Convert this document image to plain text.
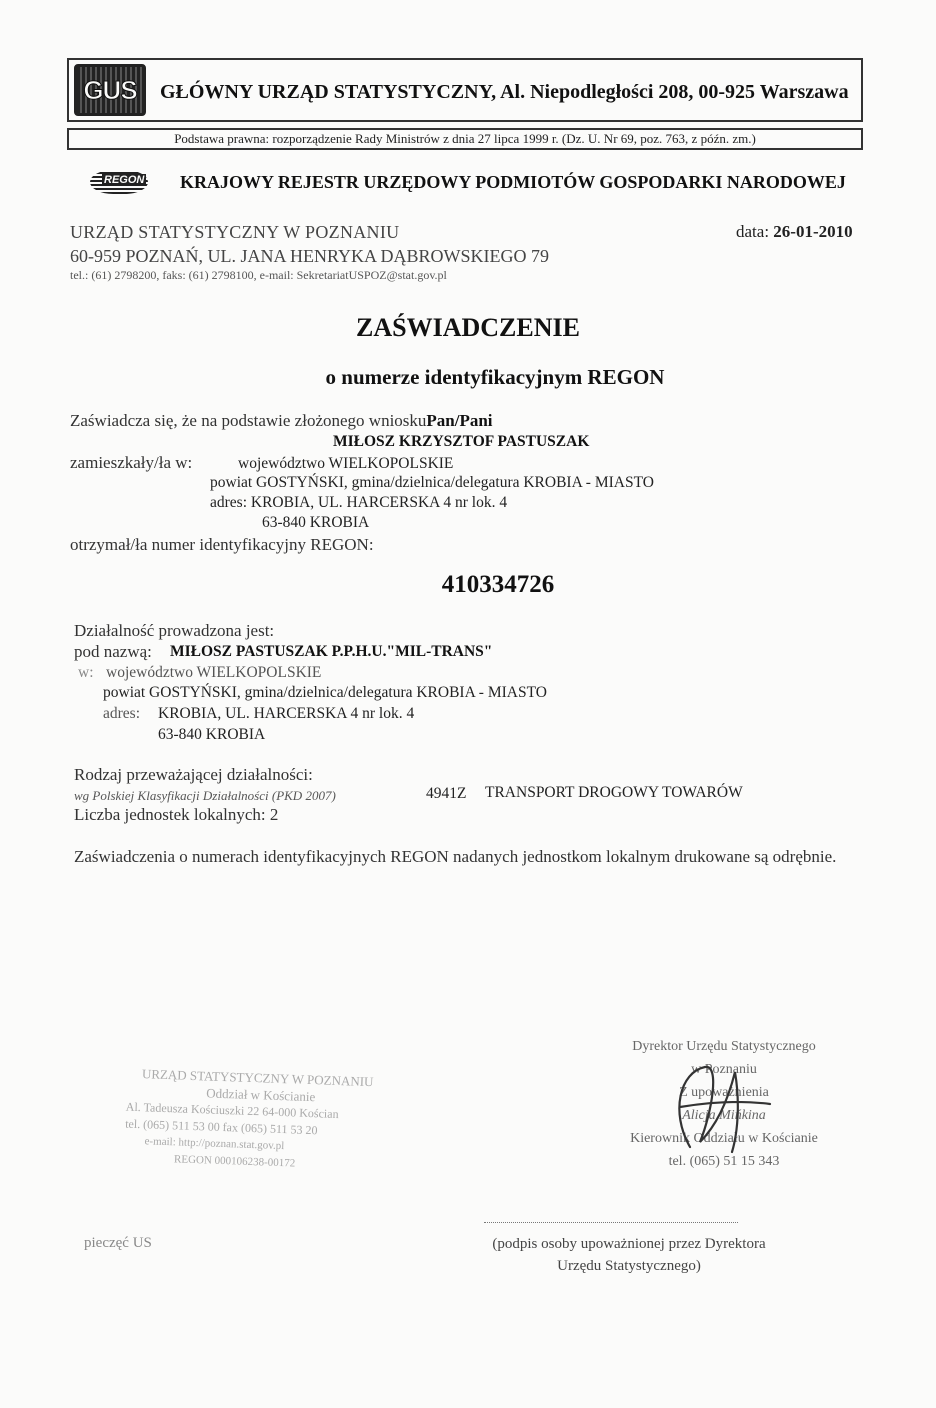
GUS GŁÓWNY URZĄD STATYSTYCZNY, Al. Niepodległości 208, 00-925 Warszawa
Podstawa prawna: rozporządzenie Rady Ministrów z dnia 27 lipca 1999 r. (Dz. U. Nr 69, poz. 763, z późn. zm.)
REGON KRAJOWY REJESTR URZĘDOWY PODMIOTÓW GOSPODARKI NARODOWEJ
URZĄD STATYSTYCZNY W POZNANIU
60-959 POZNAŃ, UL. JANA HENRYKA DĄBROWSKIEGO 79
tel.: (61) 2798200, faks: (61) 2798100, e-mail: SekretariatUSPOZ@stat.gov.pl
data: 26-01-2010
ZAŚWIADCZENIE
o numerze identyfikacyjnym REGON
Zaświadcza się, że na podstawie złożonego wnioskuPan/Pani
MIŁOSZ KRZYSZTOF PASTUSZAK
zamieszkały/ła w:	województwo WIELKOPOLSKIE
powiat GOSTYŃSKI, gmina/dzielnica/delegatura KROBIA - MIASTO
adres: KROBIA, UL. HARCERSKA 4 nr lok. 4
63-840 KROBIA
otrzymał/ła numer identyfikacyjny REGON:
410334726
Działalność prowadzona jest:
pod nazwą: MIŁOSZ PASTUSZAK P.P.H.U."MIL-TRANS"
w: województwo WIELKOPOLSKIE
powiat GOSTYŃSKI, gmina/dzielnica/delegatura KROBIA - MIASTO
adres: KROBIA, UL. HARCERSKA 4 nr lok. 4
63-840 KROBIA
Rodzaj przeważającej działalności:
wg Polskiej Klasyfikacji Działalności (PKD 2007)	4941Z TRANSPORT DROGOWY TOWARÓW
Liczba jednostek lokalnych: 2
Zaświadczenia o numerach identyfikacyjnych REGON nadanych jednostkom lokalnym drukowane są odrębnie.
URZĄD STATYSTYCZNY W POZNANIU
Oddział w Kościanie
Al. Tadeusza Kościuszki 22 64-000 Kościan
tel. (065) 511 53 00 fax (065) 511 53 20
e-mail: http://poznan.stat.gov.pl
REGON 000106238-00172
Dyrektor Urzędu Statystycznego
w Poznaniu
Z upoważnienia
Alicja Mińkina
Kierownik Oddziału w Kościanie
tel. (065) 51 15 343
(podpis osoby upoważnionej przez Dyrektora Urzędu Statystycznego)
pieczęć US
